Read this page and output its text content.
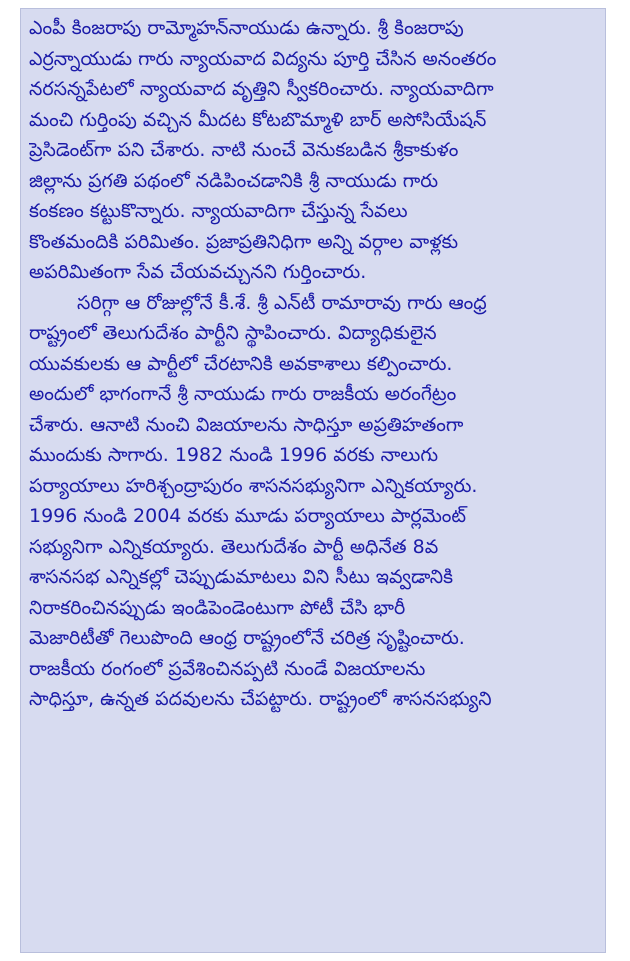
ఎంపీ కింజరాపు రామ్మోహన్‌నాయుడు ఉన్నారు. శ్రీ కింజరాపు
ఎర్రన్నాయుడు గారు న్యాయవాద విద్యను పూర్తి చేసిన అనంతరం
నరసన్నపేటలో న్యాయవాద వృత్తిని స్వీకరించారు. న్యాయవాదిగా
మంచి గుర్తింపు వచ్చిన మీదట కోటబొమ్మాళి బార్ అసోసియేషన్
ప్రెసిడెంట్‌గా పని చేశారు. నాటి నుంచే వెనుకబడిన శ్రీకాకుళం
జిల్లాను ప్రగతి పథంలో నడిపించడానికి శ్రీ నాయుడు గారు
కంకణం కట్టుకొన్నారు. న్యాయవాదిగా చేస్తున్న సేవలు
కొంతమందికి పరిమితం. ప్రజాప్రతినిధిగా అన్ని వర్గాల వాళ్లకు
అపరిమితంగా సేవ చేయవచ్చునని గుర్తించారు.
సరిగ్గా ఆ రోజుల్లోనే కీ.శే. శ్రీ ఎన్‌టీ రామారావు గారు ఆంధ్ర
రాష్ట్రంలో తెలుగుదేశం పార్టీని స్థాపించారు. విద్యాధికులైన
యువకులకు ఆ పార్టీలో చేరటానికి అవకాశాలు కల్పించారు.
అందులో భాగంగానే శ్రీ నాయుడు గారు రాజకీయ అరంగేట్రం
చేశారు. ఆనాటి నుంచి విజయాలను సాధిస్తూ అప్రతిహతంగా
ముందుకు సాగారు. 1982 నుండి 1996 వరకు నాలుగు
పర్యాయాలు హరిశ్చంద్రాపురం శాసనసభ్యునిగా ఎన్నికయ్యారు.
1996 నుండి 2004 వరకు మూడు పర్యాయాలు పార్లమెంట్
సభ్యునిగా ఎన్నికయ్యారు. తెలుగుదేశం పార్టీ అధినేత 8వ
శాసనసభ ఎన్నికల్లో చెప్పుడుమాటలు విని సీటు ఇవ్వడానికి
నిరాకరించినప్పుడు ఇండిపెండెంటుగా పోటీ చేసి భారీ
మెజారిటీతో గెలుపొంది ఆంధ్ర రాష్ట్రంలోనే చరిత్ర సృష్టించారు.
రాజకీయ రంగంలో ప్రవేశించినప్పటి నుండే విజయాలను
సాధిస్తూ, ఉన్నత పదవులను చేపట్టారు. రాష్ట్రంలో శాసనసభ్యుని
